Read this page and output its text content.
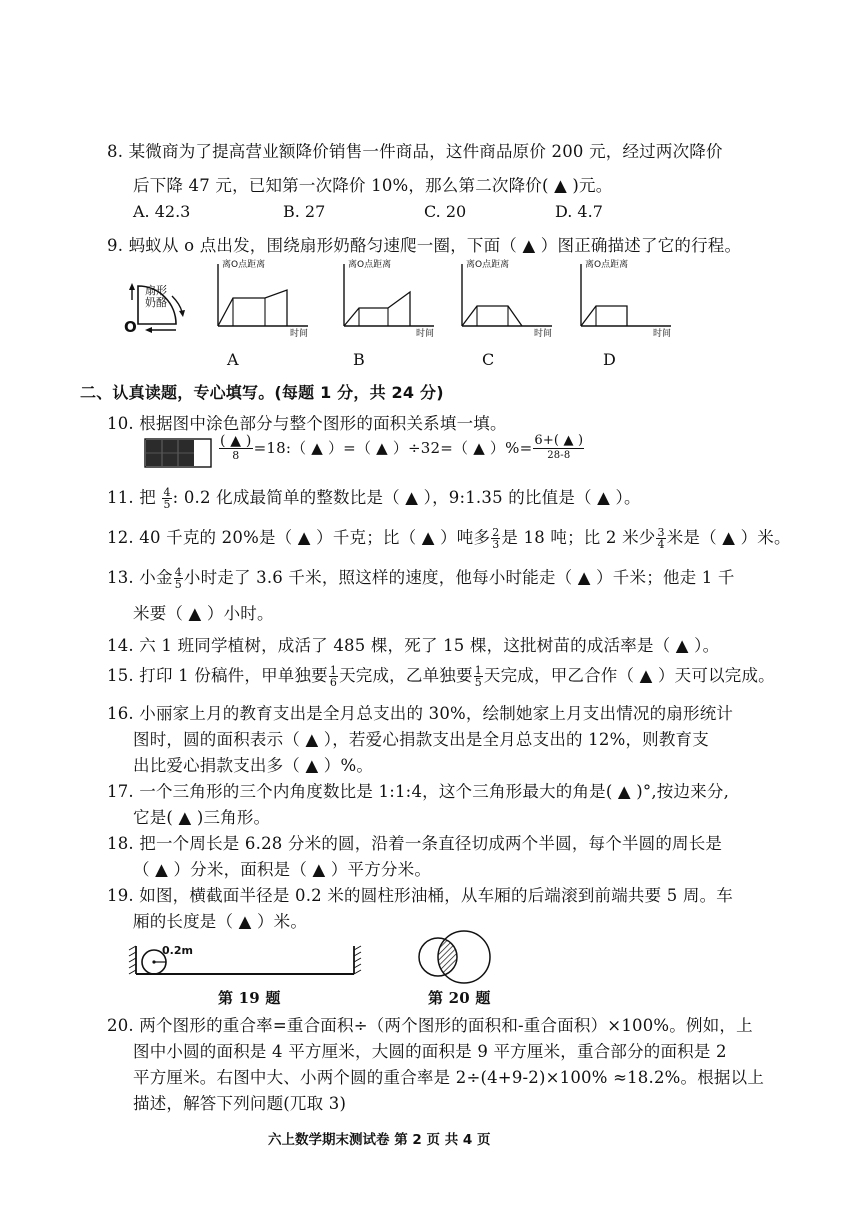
8. 某微商为了提高营业额降价销售一件商品，这件商品原价 200 元，经过两次降价
后下降 47 元，已知第一次降价 10%，那么第二次降价( ▲ )元。
A. 42.3	B. 27	C. 20	D. 4.7
9. 蚂蚁从 o 点出发，围绕扇形奶酪匀速爬一圈，下面（ ▲ ）图正确描述了它的行程。
扇形奶酪
O
离O点距离
时间
离O点距离
时间
离O点距离
时间
离O点距离
时间
A	B	C	D
二、认真读题，专心填写。(每题 1 分，共 24 分)
10. 根据图中涂色部分与整个图形的面积关系填一填。
$\frac{( ▲ )}{8}$ =18:（ ▲ ）=（ ▲ ）÷32=（ ▲ ）%= $\frac{6+( ▲ )}{28-8}$
11. 把 $\frac{4}{5}$ : 0.2 化成最简单的整数比是（ ▲ ），9:1.35 的比值是（ ▲ ）。
12. 40 千克的 20%是（ ▲ ）千克；比（ ▲ ）吨多 $\frac{2}{3}$ 是 18 吨；比 2 米少 $\frac{3}{4}$ 米是（ ▲ ）米。
13. 小金 $\frac{4}{5}$ 小时走了 3.6 千米，照这样的速度，他每小时能走（ ▲ ）千米；他走 1 千
米要（ ▲ ）小时。
14. 六 1 班同学植树，成活了 485 棵，死了 15 棵，这批树苗的成活率是（ ▲ ）。
15. 打印 1 份稿件，甲单独要 $\frac{1}{6}$ 天完成，乙单独要 $\frac{1}{5}$ 天完成，甲乙合作（ ▲ ）天可以完成。
16. 小丽家上月的教育支出是全月总支出的 30%，绘制她家上月支出情况的扇形统计
图时，圆的面积表示（ ▲ ），若爱心捐款支出是全月总支出的 12%，则教育支
出比爱心捐款支出多（ ▲ ）%。
17. 一个三角形的三个内角度数比是 1:1:4，这个三角形最大的角是( ▲ )°,按边来分,
它是( ▲ )三角形。
18. 把一个周长是 6.28 分米的圆，沿着一条直径切成两个半圆，每个半圆的周长是
（ ▲ ）分米，面积是（ ▲ ）平方分米。
19. 如图，横截面半径是 0.2 米的圆柱形油桶，从车厢的后端滚到前端共要 5 周。车
厢的长度是（ ▲ ）米。
0.2m
第 19 题	第 20 题
20. 两个图形的重合率=重合面积÷（两个图形的面积和-重合面积）×100%。例如，上
图中小圆的面积是 4 平方厘米，大圆的面积是 9 平方厘米，重合部分的面积是 2
平方厘米。右图中大、小两个圆的重合率是 2÷(4+9-2)×100% ≈18.2%。根据以上
描述，解答下列问题(兀取 3)
六上数学期末测试卷 第 2 页 共 4 页
